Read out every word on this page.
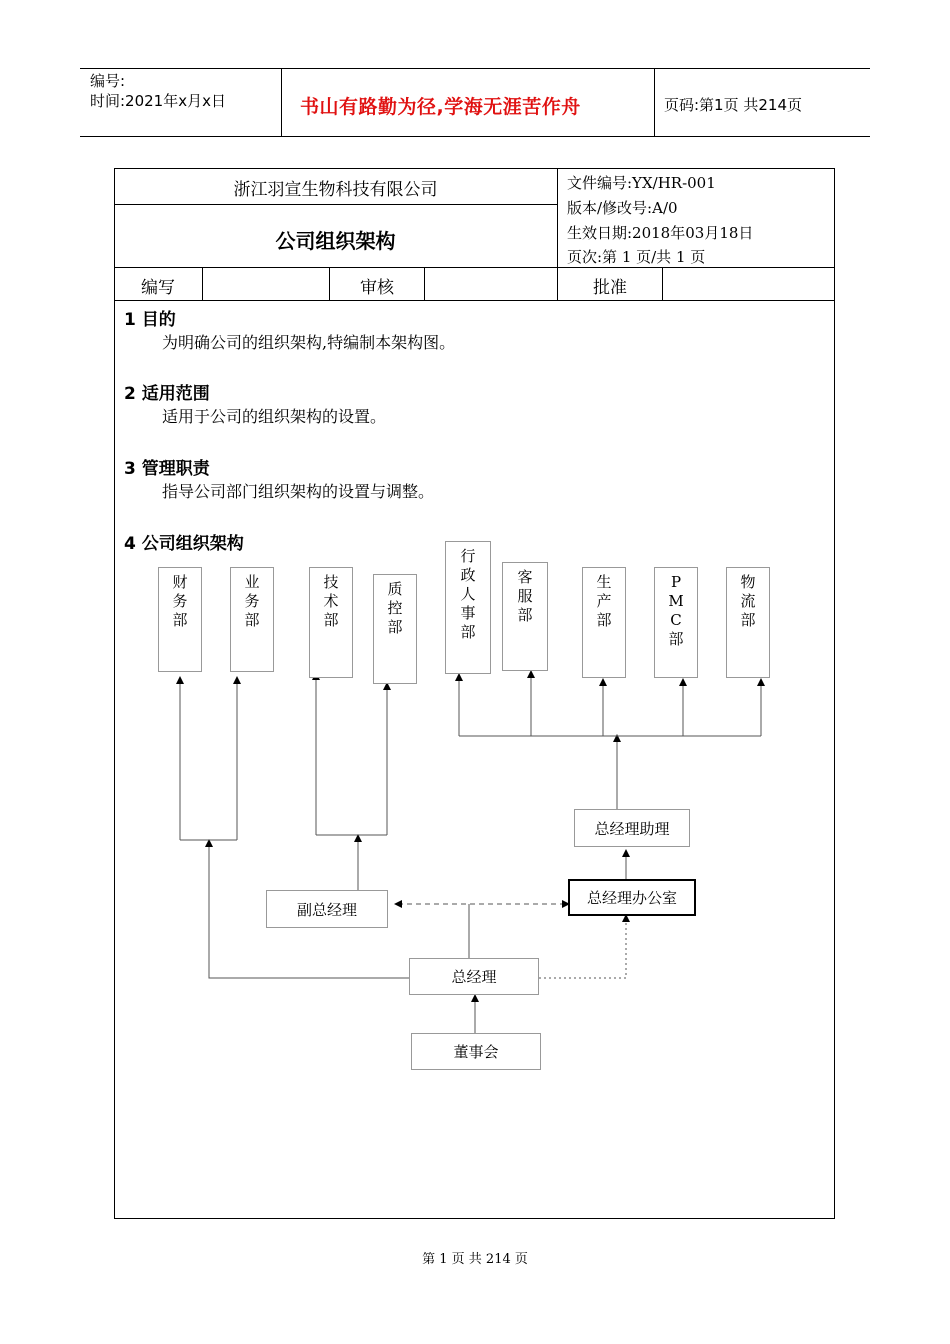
编号:
时间:2021年x月x日	书山有路勤为径,学海无涯苦作舟	页码:第1页 共214页
浙江羽宣生物科技有限公司
公司组织架构
文件编号:YX/HR-001
版本/修改号:A/0
生效日期:2018年03月18日
页次:第 1 页/共 1 页
编写	审核	批准
1 目的
为明确公司的组织架构,特编制本架构图。
2 适用范围
适用于公司的组织架构的设置。
3 管理职责
指导公司部门组织架构的设置与调整。
4 公司组织架构
财
务
部
业
务
部
技
术
部
质
控
部
行
政
人
事
部
客
服
部
生
产
部
P
M
C
部
物
流
部
总经理助理
总经理办公室
副总经理
总经理
董事会
第 1 页 共 214 页
